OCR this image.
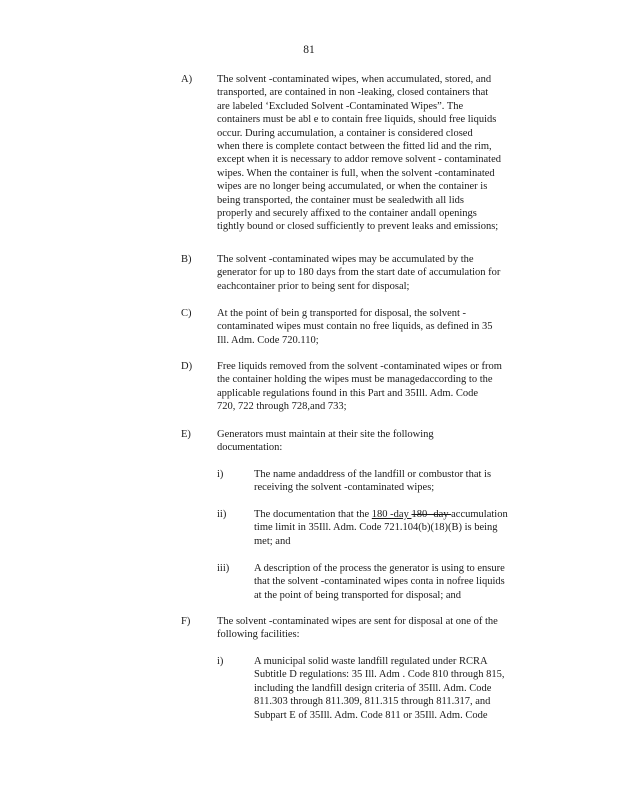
81
A) The solvent -contaminated wipes, when accumulated, stored, and

transported, are contained in non -leaking, closed containers that

are labeled ‘Excluded Solvent -Contaminated Wipes”. The

containers must be abl e to contain free liquids, should free liquids

occur. During accumulation, a container is considered closed

when there is complete contact between the fitted lid and the rim,

except when it is necessary to addor remove solvent - contaminated

wipes. When the container is full, when the solvent -contaminated

wipes are no longer being accumulated, or when the container is

being transported, the container must be sealedwith all lids

properly and securely affixed to the container andall openings

tightly bound or closed sufficiently to prevent leaks and emissions;

B) The solvent -contaminated wipes may be accumulated by the

generator for up to 180 days from the start date of accumulation for

eachcontainer prior to being sent for disposal;

C) At the point of bein g transported for disposal, the solvent -

contaminated wipes must contain no free liquids, as defined in 35

Ill. Adm. Code 720.110;

D) Free liquids removed from the solvent -contaminated wipes or from

the container holding the wipes must be managedaccording to the

applicable regulations found in this Part and 35Ill. Adm. Code

720, 722 through 728,and 733;

E) Generators must maintain at their site the following

documentation:

i)	The name andaddress of the landfill or combustor that is

receiving the solvent -contaminated wipes;

ii)	The documentation that the 180 -day 180- day accumulation

time limit in 35Ill. Adm. Code 721.104(b)(18)(B) is being

met; and

iii) A description of the process the generator is using to ensure

that the solvent -contaminated wipes conta in nofree liquids

at the point of being transported for disposal; and

F)	The solvent -contaminated wipes are sent for disposal at one of the

following facilities:

i)	A municipal solid waste landfill regulated under RCRA

Subtitle D regulations: 35 Ill. Adm . Code 810 through 815,

including the landfill design criteria of 35Ill. Adm. Code

811.303 through 811.309, 811.315 through 811.317, and

Subpart E of 35Ill. Adm. Code 811 or 35Ill. Adm. Code
